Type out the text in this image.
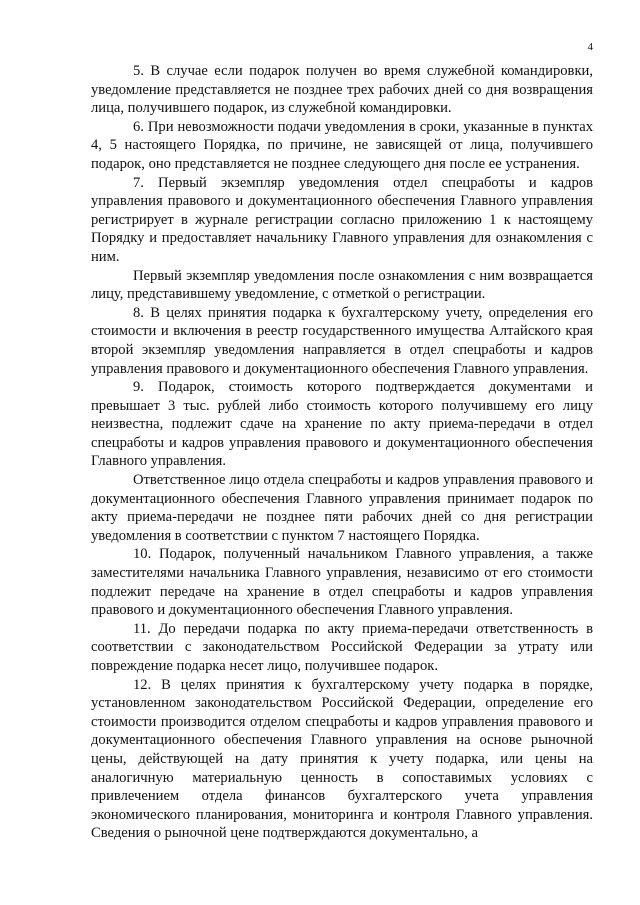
4

5. В случае если подарок получен во время служебной командировки, уведомление представляется не позднее трех рабочих дней со дня возвращения лица, получившего подарок, из служебной командировки.

6. При невозможности подачи уведомления в сроки, указанные в пунктах 4, 5 настоящего Порядка, по причине, не зависящей от лица, получившего подарок, оно представляется не позднее следующего дня после ее устранения.

7. Первый экземпляр уведомления отдел спецработы и кадров управления правового и документационного обеспечения Главного управления регистрирует в журнале регистрации согласно приложению 1 к настоящему Порядку и предоставляет начальнику Главного управления для ознакомления с ним.

Первый экземпляр уведомления после ознакомления с ним возвращается лицу, представившему уведомление, с отметкой о регистрации.

8. В целях принятия подарка к бухгалтерскому учету, определения его стоимости и включения в реестр государственного имущества Алтайского края второй экземпляр уведомления направляется в отдел спецработы и кадров управления правового и документационного обеспечения Главного управления.

9. Подарок, стоимость которого подтверждается документами и превышает 3 тыс. рублей либо стоимость которого получившему его лицу неизвестна, подлежит сдаче на хранение по акту приема-передачи в отдел спецработы и кадров управления правового и документационного обеспечения Главного управления.

Ответственное лицо отдела спецработы и кадров управления правового и документационного обеспечения Главного управления принимает подарок по акту приема-передачи не позднее пяти рабочих дней со дня регистрации уведомления в соответствии с пунктом 7 настоящего Порядка.

10. Подарок, полученный начальником Главного управления, а также заместителями начальника Главного управления, независимо от его стоимости подлежит передаче на хранение в отдел спецработы и кадров управления правового и документационного обеспечения Главного управления.

11. До передачи подарка по акту приема-передачи ответственность в соответствии с законодательством Российской Федерации за утрату или повреждение подарка несет лицо, получившее подарок.

12. В целях принятия к бухгалтерскому учету подарка в порядке, установленном законодательством Российской Федерации, определение его стоимости производится отделом спецработы и кадров управления правового и документационного обеспечения Главного управления на основе рыночной цены, действующей на дату принятия к учету подарка, или цены на аналогичную материальную ценность в сопоставимых условиях с привлечением отдела финансов бухгалтерского учета управления экономического планирования, мониторинга и контроля Главного управления. Сведения о рыночной цене подтверждаются документально, а
